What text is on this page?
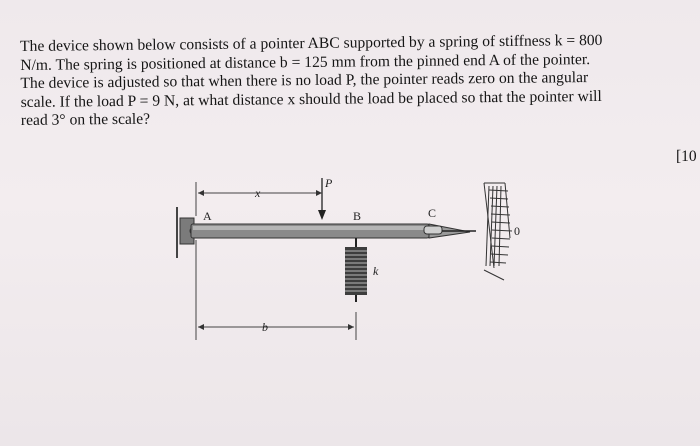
The device shown below consists of a pointer ABC supported by a spring of stiffness k = 800
N/m. The spring is positioned at distance b = 125 mm from the pinned end A of the pointer.
The device is adjusted so that when there is no load P, the pointer reads zero on the angular
scale. If the load P = 9 N, at what distance x should the load be placed so that the pointer will
read 3° on the scale?
[10
A	B	C
P
x
k
b
0
